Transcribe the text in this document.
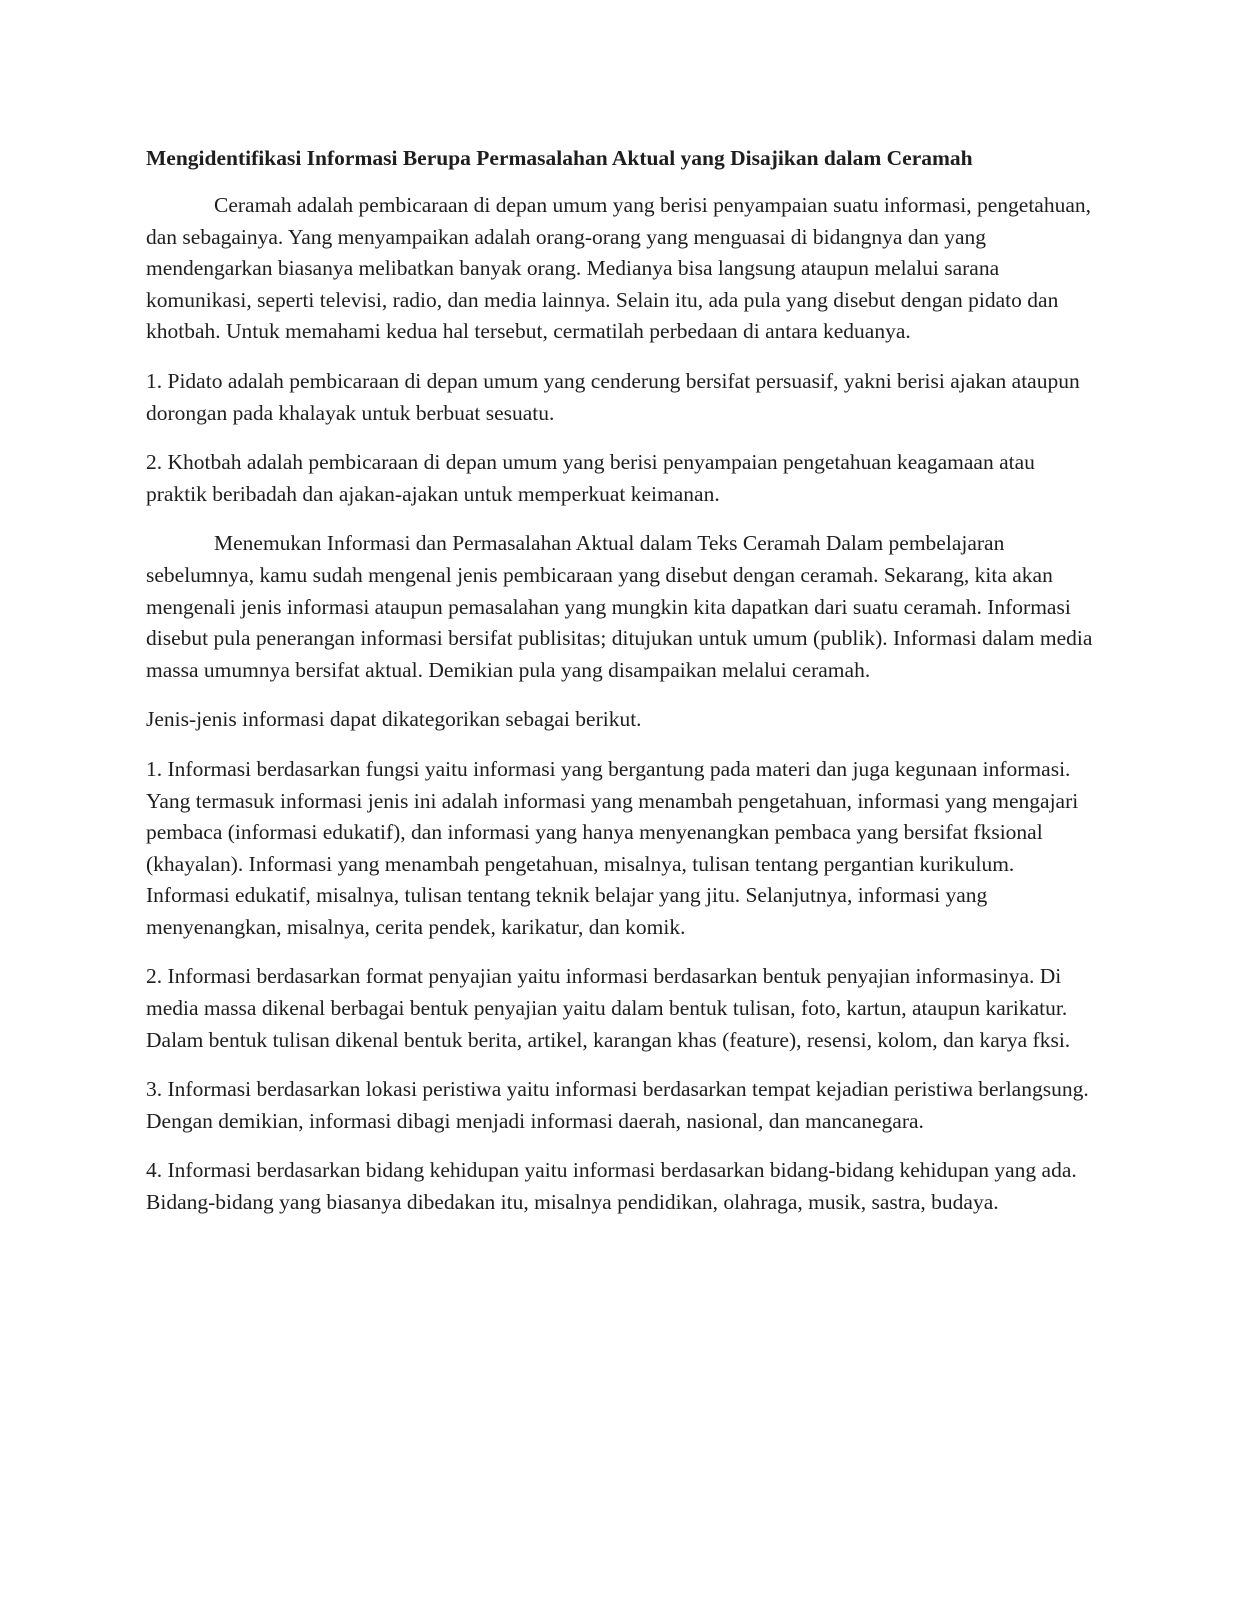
Mengidentifikasi Informasi Berupa Permasalahan Aktual yang Disajikan dalam Ceramah

Ceramah adalah pembicaraan di depan umum yang berisi penyampaian suatu informasi, pengetahuan, dan sebagainya. Yang menyampaikan adalah orang-orang yang menguasai di bidangnya dan yang mendengarkan biasanya melibatkan banyak orang. Medianya bisa langsung ataupun melalui sarana komunikasi, seperti televisi, radio, dan media lainnya. Selain itu, ada pula yang disebut dengan pidato dan khotbah. Untuk memahami kedua hal tersebut, cermatilah perbedaan di antara keduanya.

1. Pidato adalah pembicaraan di depan umum yang cenderung bersifat persuasif, yakni berisi ajakan ataupun dorongan pada khalayak untuk berbuat sesuatu.

2. Khotbah adalah pembicaraan di depan umum yang berisi penyampaian pengetahuan keagamaan atau praktik beribadah dan ajakan-ajakan untuk memperkuat keimanan.

Menemukan Informasi dan Permasalahan Aktual dalam Teks Ceramah Dalam pembelajaran sebelumnya, kamu sudah mengenal jenis pembicaraan yang disebut dengan ceramah. Sekarang, kita akan mengenali jenis informasi ataupun pemasalahan yang mungkin kita dapatkan dari suatu ceramah. Informasi disebut pula penerangan informasi bersifat publisitas; ditujukan untuk umum (publik). Informasi dalam media massa umumnya bersifat aktual. Demikian pula yang disampaikan melalui ceramah.

Jenis-jenis informasi dapat dikategorikan sebagai berikut.

1. Informasi berdasarkan fungsi yaitu informasi yang bergantung pada materi dan juga kegunaan informasi. Yang termasuk informasi jenis ini adalah informasi yang menambah pengetahuan, informasi yang mengajari pembaca (informasi edukatif), dan informasi yang hanya menyenangkan pembaca yang bersifat fksional (khayalan). Informasi yang menambah pengetahuan, misalnya, tulisan tentang pergantian kurikulum. Informasi edukatif, misalnya, tulisan tentang teknik belajar yang jitu. Selanjutnya, informasi yang menyenangkan, misalnya, cerita pendek, karikatur, dan komik.

2. Informasi berdasarkan format penyajian yaitu informasi berdasarkan bentuk penyajian informasinya. Di media massa dikenal berbagai bentuk penyajian yaitu dalam bentuk tulisan, foto, kartun, ataupun karikatur. Dalam bentuk tulisan dikenal bentuk berita, artikel, karangan khas (feature), resensi, kolom, dan karya fksi.

3. Informasi berdasarkan lokasi peristiwa yaitu informasi berdasarkan tempat kejadian peristiwa berlangsung. Dengan demikian, informasi dibagi menjadi informasi daerah, nasional, dan mancanegara.

4. Informasi berdasarkan bidang kehidupan yaitu informasi berdasarkan bidang-bidang kehidupan yang ada. Bidang-bidang yang biasanya dibedakan itu, misalnya pendidikan, olahraga, musik, sastra, budaya.
